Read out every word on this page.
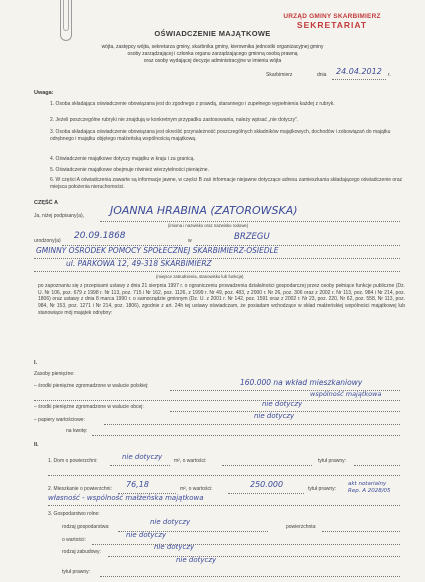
URZĄD GMINY SKARBIMIERZ
SEKRETARIAT
OŚWIADCZENIE MAJĄTKOWE
wójta, zastępcy wójta, sekretarza gminy, skarbnika gminy, kierownika jednostki organizacyjnej gminy
osoby zarządzającej i członka organu zarządzającego gminną osobą prawną
oraz osoby wydającej decyzje administracyjne w imieniu wójta
Skarbimierz	dnia 24.04.2012 r.
Uwaga:
1. Osoba składająca oświadczenie obowiązana jest do zgodnego z prawdą, starannego i zupełnego wypełnienia każdej z rubryk.
2. Jeżeli poszczególne rubryki nie znajdują w konkretnym przypadku zastosowania, należy wpisać „nie dotyczy".
3. Osoba składająca oświadczenie obowiązana jest określić przynależność poszczególnych składników majątkowych, dochodów i zobowiązań do majątku odrębnego i majątku objętego małżeńską wspólnością majątkową.
4. Oświadczenie majątkowe dotyczy majątku w kraju i za granicą.
5. Oświadczenie majątkowe obejmuje również wierzytelności pieniężne.
6. W części A oświadczenia zawarte są informacje jawne, w części B zaś informacje niejawne dotyczące adresu zamieszkania składającego oświadczenie oraz miejsca położenia nieruchomości.
CZĘŚĆ A
Ja, niżej podpisany(a), JOANNA HRABINA (ZATOROWSKA)
(imiona i nazwisko oraz nazwisko rodowe)
urodzony(a) 20.09.1868	w	BRZEGU
GMINNY OŚRODEK POMOCY SPOŁECZNEJ SKARBIMIERZ-OSIEDLE
ul. PARKOWA 12, 49-318 SKARBIMIERZ
(miejsce zatrudnienia, stanowisko lub funkcja)
po zapoznaniu się z przepisami ustawy z dnia 21 sierpnia 1997 r. o ograniczeniu prowadzenia działalności gospodarczej przez osoby pełniące funkcje publiczne (Dz. U. Nr 106, poz. 679 z 1998 r. Nr 113, poz. 715 i Nr 162, poz. 1126, z 1999 r. Nr 49, poz. 483, z 2000 r. Nr 26, poz. 306 oraz z 2002 r. Nr 113, poz. 984 i Nr 214, poz. 1806) oraz ustawy z dnia 8 marca 1990 r. o samorządzie gminnym (Dz. U. z 2001 r. Nr 142, poz. 1591 oraz z 2002 r. Nr 23, poz. 220, Nr 62, poz. 558, Nr 113, poz. 984, Nr 153, poz. 1271 i Nr 214, poz. 1806), zgodnie z art. 24h tej ustawy oświadczam, że posiadam wchodzące w skład małżeńskiej wspólności majątkowej lub stanowiące mój majątek odrębny:
I.
Zasoby pieniężne:
– środki pieniężne zgromadzone w walucie polskiej:	160.000 na wkład mieszkaniowy
wspólność majątkowa
– środki pieniężne zgromadzone w walucie obcej:	nie dotyczy
– papiery wartościowe:	nie dotyczy
na kwotę:
II.
1. Dom o powierzchni:	nie dotyczy m², o wartości:	tytuł prawny:
2. Mieszkanie o powierzchni: 76,18	m², o wartości:	250.000	tytuł prawny:
akt notarialny
Rep. A 2028/05
własność - wspólność małżeńska majątkowa
3. Gospodarstwo rolne:
rodzaj gospodarstwa:
nie dotyczy
powierzchnia:
o wartości:
nie dotyczy
rodzaj zabudowy:
nie dotyczy
tytuł prawny:
nie dotyczy
